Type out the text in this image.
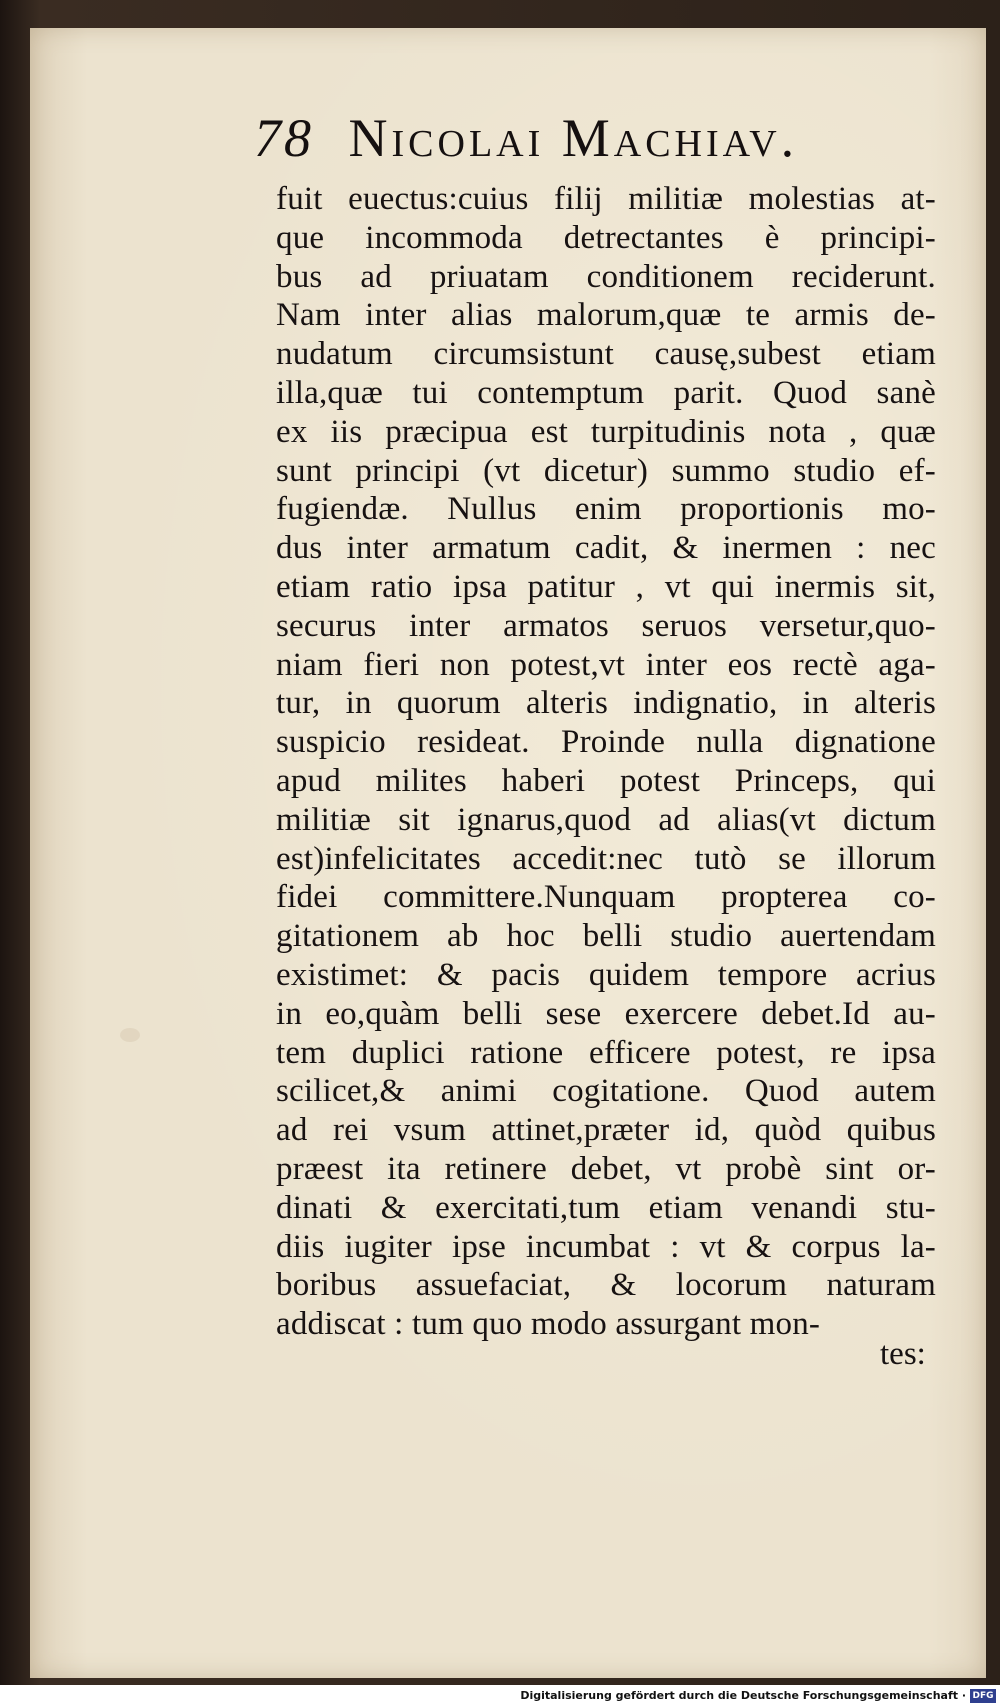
78 Nicolai Machiav.
fuit euectus:cuius filij militiæ molestias at-
que incommoda detrectantes è principi-
bus ad priuatam conditionem reciderunt.
Nam inter alias malorum,quæ te armis de-
nudatum circumsistunt causę,subest etiam
illa,quæ tui contemptum parit. Quod sanè
ex iis præcipua est turpitudinis nota , quæ
sunt principi (vt dicetur) summo studio ef-
fugiendæ. Nullus enim proportionis mo-
dus inter armatum cadit, & inermen : nec
etiam ratio ipsa patitur , vt qui inermis sit,
securus inter armatos seruos versetur,quo-
niam fieri non potest,vt inter eos rectè aga-
tur, in quorum alteris indignatio, in alteris
suspicio resideat. Proinde nulla dignatione
apud milites haberi potest Princeps, qui
militiæ sit ignarus,quod ad alias(vt dictum
est)infelicitates accedit:nec tutò se illorum
fidei committere.Nunquam propterea co-
gitationem ab hoc belli studio auertendam
existimet: & pacis quidem tempore acrius
in eo,quàm belli sese exercere debet.Id au-
tem duplici ratione efficere potest, re ipsa
scilicet,& animi cogitatione. Quod autem
ad rei vsum attinet,præter id, quòd quibus
præest ita retinere debet, vt probè sint or-
dinati & exercitati,tum etiam venandi stu-
diis iugiter ipse incumbat : vt & corpus la-
boribus assuefaciat, & locorum naturam
addiscat : tum quo modo assurgant mon-
tes:
Digitalisierung gefördert durch die Deutsche Forschungsgemeinschaft · DFG
